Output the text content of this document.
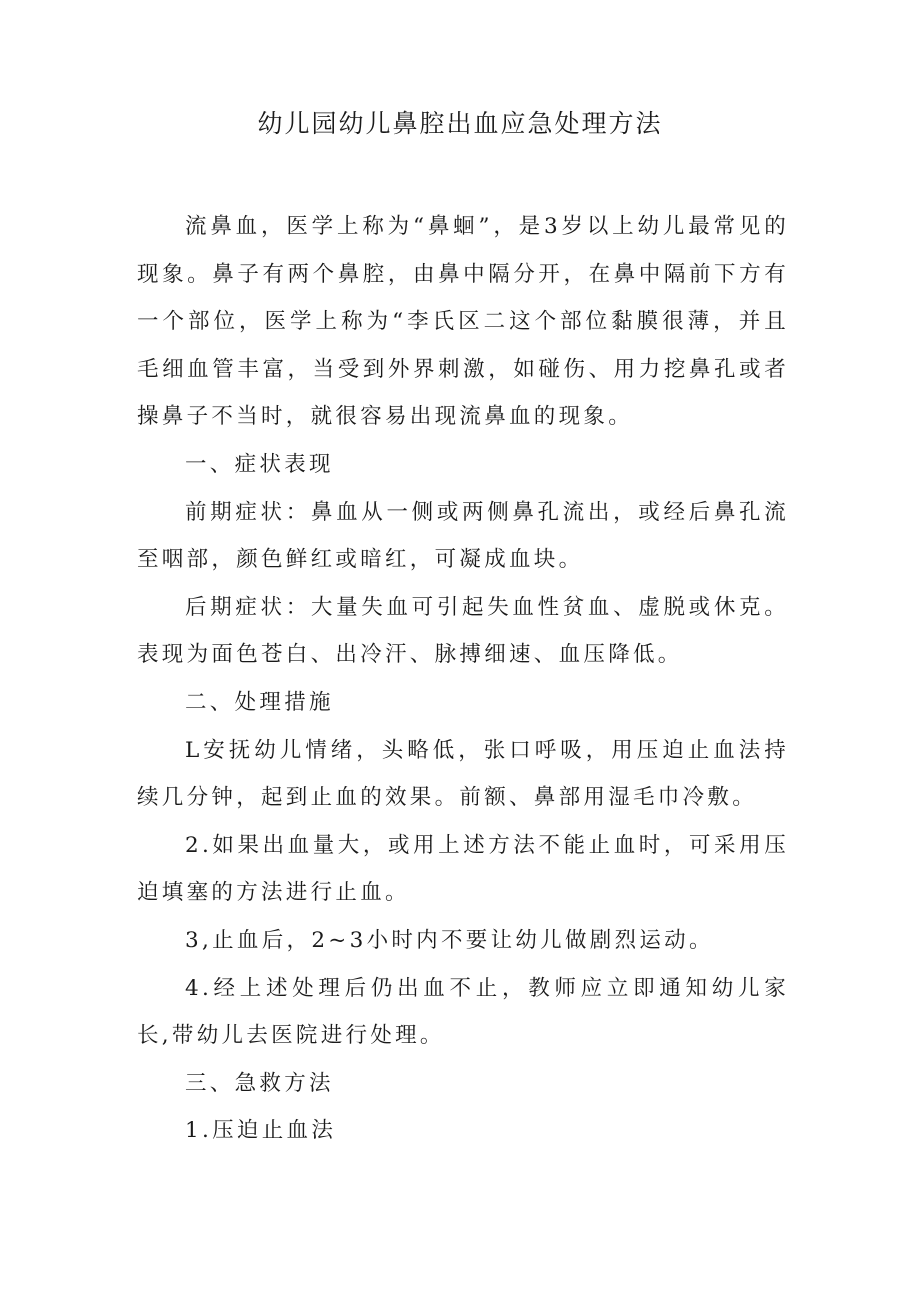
幼儿园幼儿鼻腔出血应急处理方法

流鼻血，医学上称为“鼻蛔”，是3岁以上幼儿最常见的现象。鼻子有两个鼻腔，由鼻中隔分开，在鼻中隔前下方有一个部位，医学上称为“李氏区二这个部位黏膜很薄，并且毛细血管丰富，当受到外界刺激，如碰伤、用力挖鼻孔或者操鼻子不当时，就很容易出现流鼻血的现象。

一、症状表现

前期症状：鼻血从一侧或两侧鼻孔流出，或经后鼻孔流至咽部，颜色鲜红或暗红，可凝成血块。

后期症状：大量失血可引起失血性贫血、虚脱或休克。表现为面色苍白、出冷汗、脉搏细速、血压降低。

二、处理措施

L安抚幼儿情绪，头略低，张口呼吸，用压迫止血法持续几分钟，起到止血的效果。前额、鼻部用湿毛巾冷敷。

2.如果出血量大，或用上述方法不能止血时，可采用压迫填塞的方法进行止血。

3,止血后，2~3小时内不要让幼儿做剧烈运动。

4.经上述处理后仍出血不止，教师应立即通知幼儿家长,带幼儿去医院进行处理。

三、急救方法

1.压迫止血法
